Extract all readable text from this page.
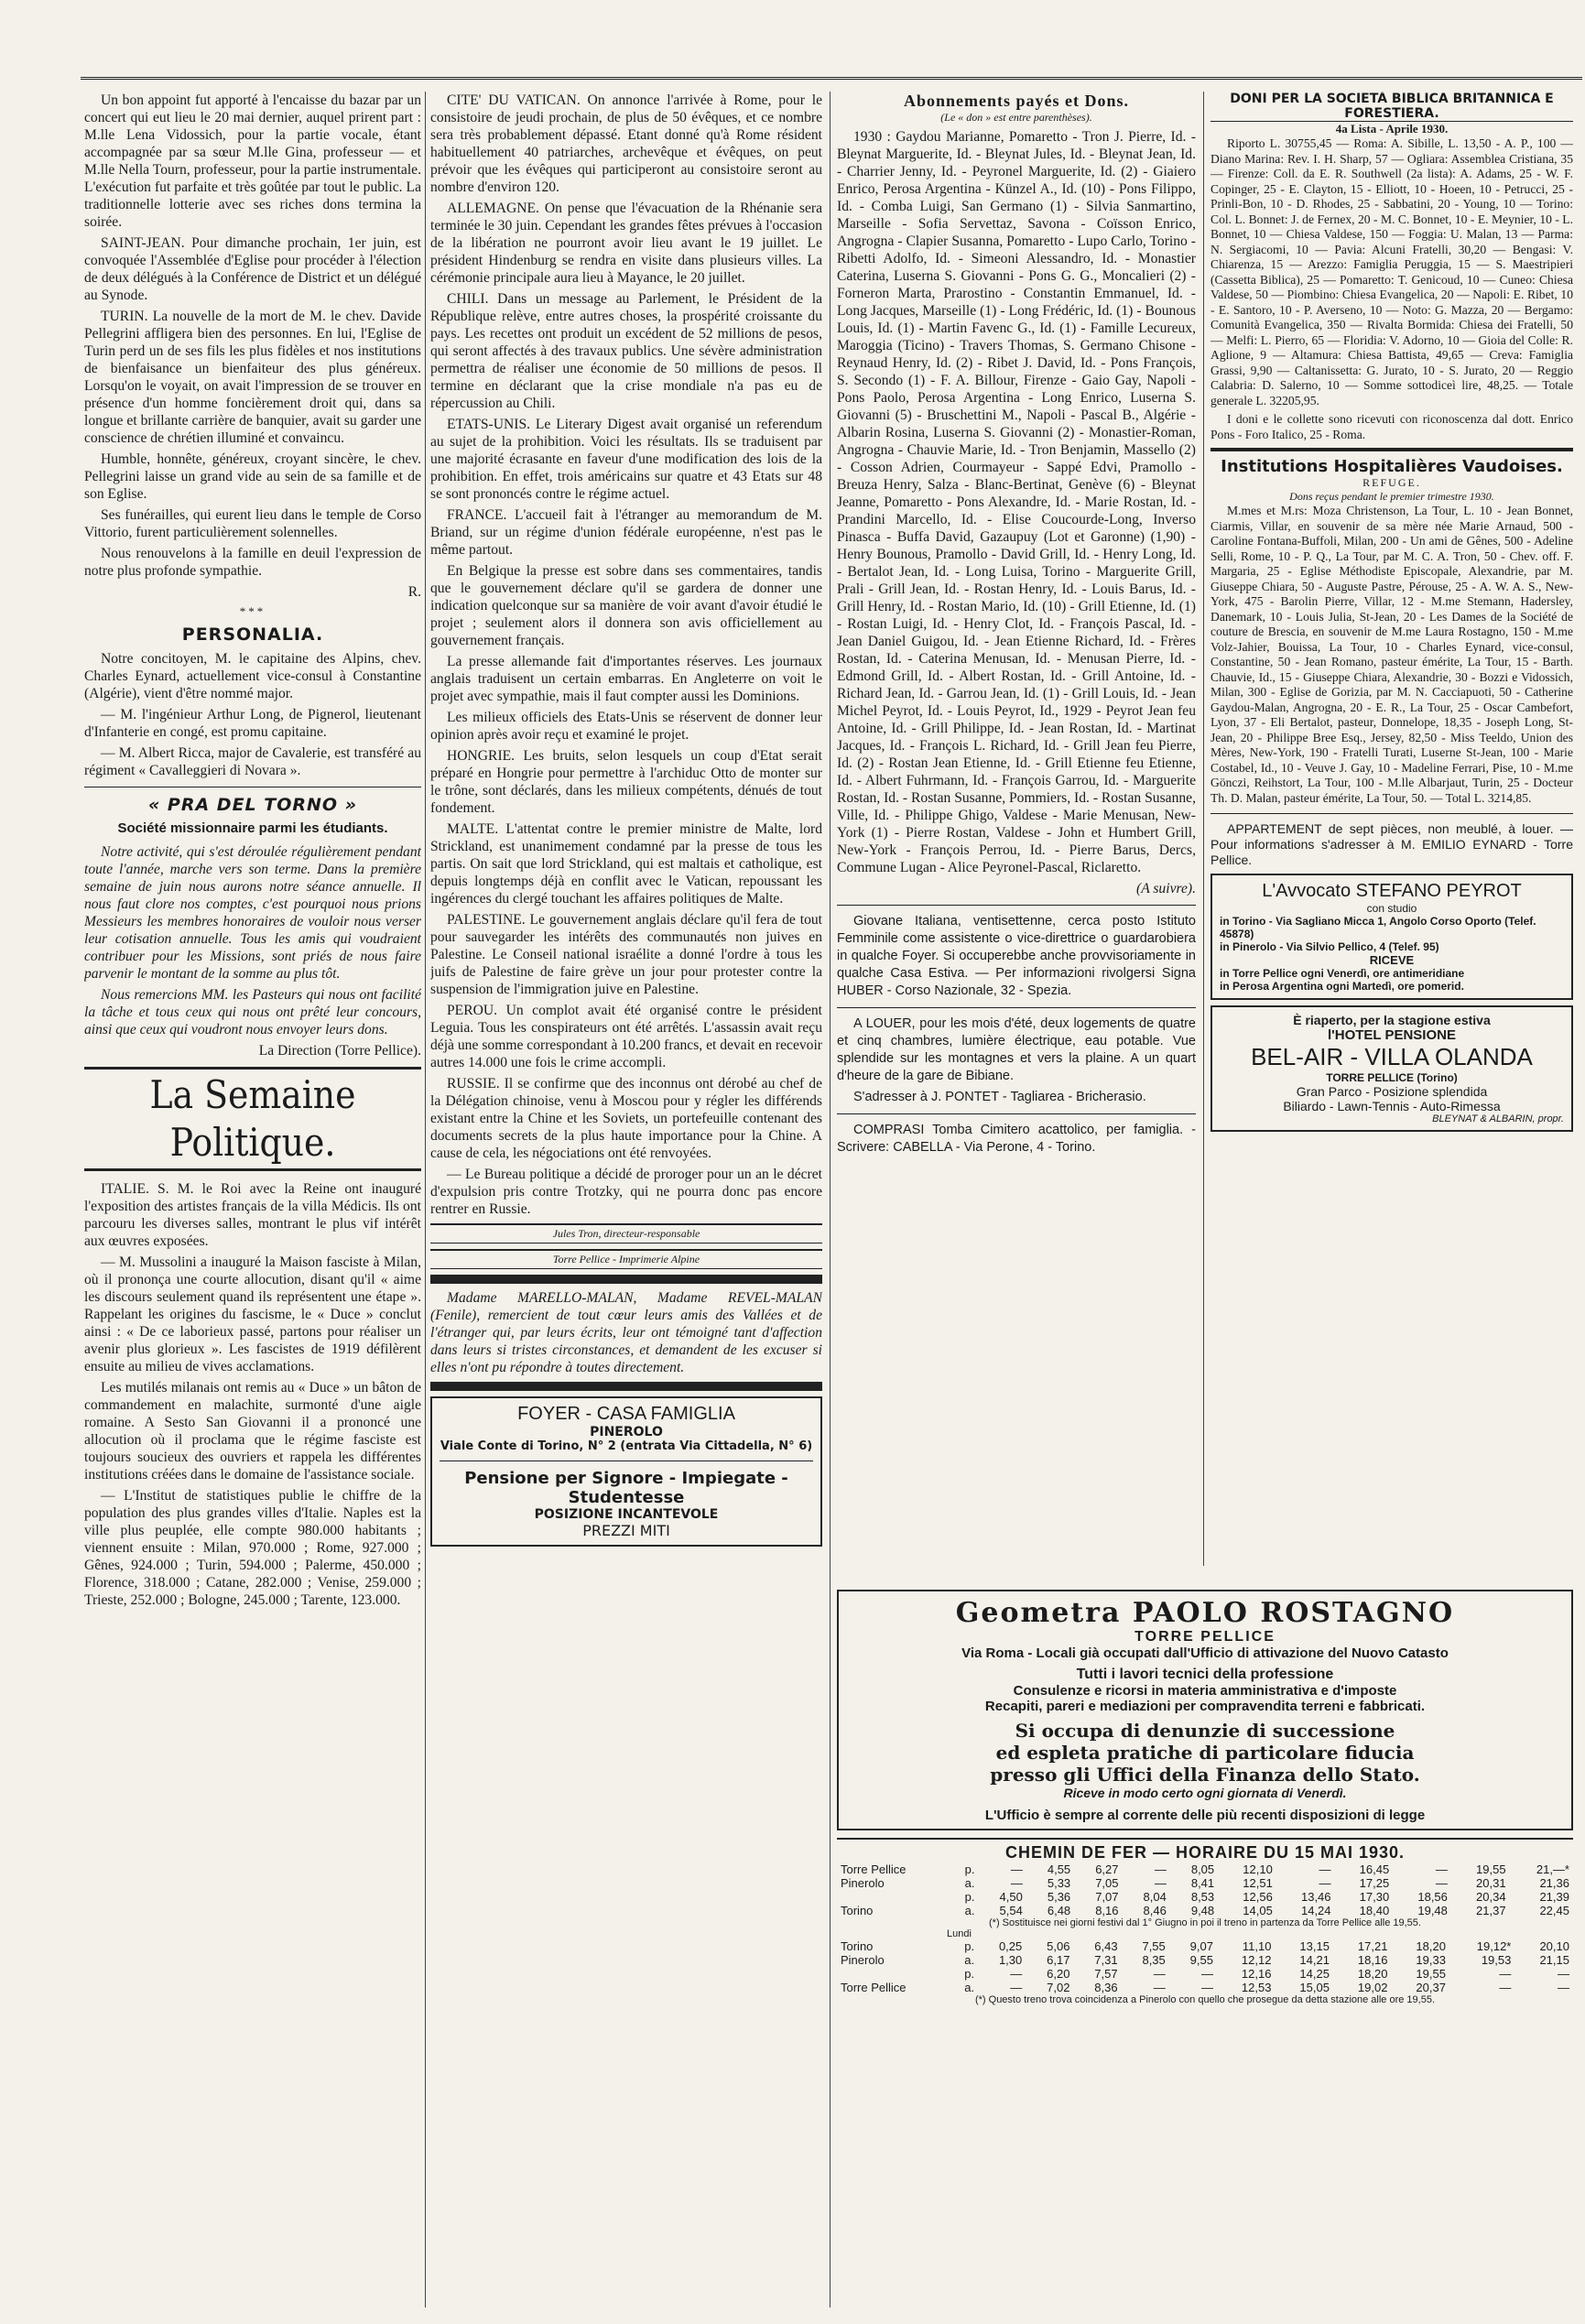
Un bon appoint fut apporté à l'encaisse du bazar par un concert qui eut lieu le 20 mai dernier, auquel prirent part : M.lle Lena Vidossich, pour la partie vocale, étant accompagnée par sa sœur M.lle Gina, professeur — et M.lle Nella Tourn, professeur, pour la partie instrumentale. L'exécution fut parfaite et très goûtée par tout le public. La traditionnelle lotterie avec ses riches dons termina la soirée.

SAINT-JEAN. Pour dimanche prochain, 1er juin, est convoquée l'Assemblée d'Eglise pour procéder à l'élection de deux délégués à la Conférence de District et un délégué au Synode.

TURIN. La nouvelle de la mort de M. le chev. Davide Pellegrini affligera bien des personnes. En lui, l'Eglise de Turin perd un de ses fils les plus fidèles et nos institutions de bienfaisance un bienfaiteur des plus généreux. Lorsqu'on le voyait, on avait l'impression de se trouver en présence d'un homme foncièrement droit qui, dans sa longue et brillante carrière de banquier, avait su garder une conscience de chrétien illuminé et convaincu.

Humble, honnête, généreux, croyant sincère, le chev. Pellegrini laisse un grand vide au sein de sa famille et de son Eglise.

Ses funérailles, qui eurent lieu dans le temple de Corso Vittorio, furent particulièrement solennelles.

Nous renouvelons à la famille en deuil l'expression de notre plus profonde sympathie.

R.

***
PERSONALIA.

Notre concitoyen, M. le capitaine des Alpins, chev. Charles Eynard, actuellement vice-consul à Constantine (Algérie), vient d'être nommé major.

— M. l'ingénieur Arthur Long, de Pignerol, lieutenant d'Infanterie en congé, est promu capitaine.

— M. Albert Ricca, major de Cavalerie, est transféré au régiment « Cavalleggieri di Novara ».

« PRA DEL TORNO »
Société missionnaire parmi les étudiants.

Notre activité, qui s'est déroulée régulièrement pendant toute l'année, marche vers son terme. Dans la première semaine de juin nous aurons notre séance annuelle. Il nous faut clore nos comptes, c'est pourquoi nous prions Messieurs les membres honoraires de vouloir nous verser leur cotisation annuelle. Tous les amis qui voudraient contribuer pour les Missions, sont priés de nous faire parvenir le montant de la somme au plus tôt.

Nous remercions MM. les Pasteurs qui nous ont facilité la tâche et tous ceux qui nous ont prêté leur concours, ainsi que ceux qui voudront nous envoyer leurs dons.

La Direction (Torre Pellice).

La Semaine Politique.

ITALIE. S. M. le Roi avec la Reine ont inauguré l'exposition des artistes français de la villa Médicis. Ils ont parcouru les diverses salles, montrant le plus vif intérêt aux œuvres exposées.

— M. Mussolini a inauguré la Maison fasciste à Milan, où il prononça une courte allocution, disant qu'il « aime les discours seulement quand ils représentent une étape ». Rappelant les origines du fascisme, le « Duce » conclut ainsi : « De ce laborieux passé, partons pour réaliser un avenir plus glorieux ». Les fascistes de 1919 défilèrent ensuite au milieu de vives acclamations.

Les mutilés milanais ont remis au « Duce » un bâton de commandement en malachite, surmonté d'une aigle romaine. A Sesto San Giovanni il a prononcé une allocution où il proclama que le régime fasciste est toujours soucieux des ouvriers et rappela les différentes institutions créées dans le domaine de l'assistance sociale.

— L'Institut de statistiques publie le chiffre de la population des plus grandes villes d'Italie. Naples est la ville plus peuplée, elle compte 980.000 habitants ; viennent ensuite : Milan, 970.000 ; Rome, 927.000 ; Gênes, 924.000 ; Turin, 594.000 ; Palerme, 450.000 ; Florence, 318.000 ; Catane, 282.000 ; Venise, 259.000 ; Trieste, 252.000 ; Bologne, 245.000 ; Tarente, 123.000.

CITE' DU VATICAN. On annonce l'arrivée à Rome, pour le consistoire de jeudi prochain, de plus de 50 évêques, et ce nombre sera très probablement dépassé. Etant donné qu'à Rome résident habituellement 40 patriarches, archevêque et évêques, on peut prévoir que les évêques qui participeront au consistoire seront au nombre d'environ 120.

ALLEMAGNE. On pense que l'évacuation de la Rhénanie sera terminée le 30 juin. Cependant les grandes fêtes prévues à l'occasion de la libération ne pourront avoir lieu avant le 19 juillet. Le président Hindenburg se rendra en visite dans plusieurs villes. La cérémonie principale aura lieu à Mayance, le 20 juillet.

CHILI. Dans un message au Parlement, le Président de la République relève, entre autres choses, la prospérité croissante du pays. Les recettes ont produit un excédent de 52 millions de pesos, qui seront affectés à des travaux publics. Une sévère administration permettra de réaliser une économie de 50 millions de pesos. Il termine en déclarant que la crise mondiale n'a pas eu de répercussion au Chili.

ETATS-UNIS. Le Literary Digest avait organisé un referendum au sujet de la prohibition. Voici les résultats. Ils se traduisent par une majorité écrasante en faveur d'une modification des lois de la prohibition. En effet, trois américains sur quatre et 43 Etats sur 48 se sont prononcés contre le régime actuel.

FRANCE. L'accueil fait à l'étranger au memorandum de M. Briand, sur un régime d'union fédérale européenne, n'est pas le même partout.

En Belgique la presse est sobre dans ses commentaires, tandis que le gouvernement déclare qu'il se gardera de donner une indication quelconque sur sa manière de voir avant d'avoir étudié le projet ; seulement alors il donnera son avis officiellement au gouvernement français.

La presse allemande fait d'importantes réserves. Les journaux anglais traduisent un certain embarras. En Angleterre on voit le projet avec sympathie, mais il faut compter aussi les Dominions.

Les milieux officiels des Etats-Unis se réservent de donner leur opinion après avoir reçu et examiné le projet.

HONGRIE. Les bruits, selon lesquels un coup d'Etat serait préparé en Hongrie pour permettre à l'archiduc Otto de monter sur le trône, sont déclarés, dans les milieux compétents, dénués de tout fondement.

MALTE. L'attentat contre le premier ministre de Malte, lord Strickland, est unanimement condamné par la presse de tous les partis. On sait que lord Strickland, qui est maltais et catholique, est depuis longtemps déjà en conflit avec le Vatican, repoussant les ingérences du clergé touchant les affaires politiques de Malte.

PALESTINE. Le gouvernement anglais déclare qu'il fera de tout pour sauvegarder les intérêts des communautés non juives en Palestine. Le Conseil national israélite a donné l'ordre à tous les juifs de Palestine de faire grève un jour pour protester contre la suspension de l'immigration juive en Palestine.

PEROU. Un complot avait été organisé contre le président Leguia. Tous les conspirateurs ont été arrêtés. L'assassin avait reçu déjà une somme correspondant à 10.200 francs, et devait en recevoir autres 14.000 une fois le crime accompli.

RUSSIE. Il se confirme que des inconnus ont dérobé au chef de la Délégation chinoise, venu à Moscou pour y régler les différends existant entre la Chine et les Soviets, un portefeuille contenant des documents secrets de la plus haute importance pour la Chine. A cause de cela, les négociations ont été renvoyées.

— Le Bureau politique a décidé de proroger pour un an le décret d'expulsion pris contre Trotzky, qui ne pourra donc pas encore rentrer en Russie.

Jules Tron, directeur-responsable
Torre Pellice - Imprimerie Alpine

Madame MARELLO-MALAN, Madame REVEL-MALAN (Fenile), remercient de tout cœur leurs amis des Vallées et de l'étranger qui, par leurs écrits, leur ont témoigné tant d'affection dans leurs si tristes circonstances, et demandent de les excuser si elles n'ont pu répondre à toutes directement.

FOYER - CASA FAMIGLIA
PINEROLO
Viale Conte di Torino, N° 2 (entrata Via Cittadella, N° 6)
Pensione per Signore - Impiegate - Studentesse
POSIZIONE INCANTEVOLE
PREZZI MITI
Abonnements payés et Dons.
(Le « don » est entre parenthèses).

1930 : Gaydou Marianne, Pomaretto - Tron J. Pierre, Id. - Bleynat Marguerite, Id. - Bleynat Jules, Id. - Bleynat Jean, Id. - Charrier Jenny, Id. - Peyronel Marguerite, Id. (2) - Giaiero Enrico, Perosa Argentina - Künzel A., Id. (10) - Pons Filippo, Id. - Comba Luigi, San Germano (1) - Silvia Sanmartino, Marseille - Sofia Servettaz, Savona - Coïsson Enrico, Angrogna - Clapier Susanna, Pomaretto - Lupo Carlo, Torino - Ribetti Adolfo, Id. - Simeoni Alessandro, Id. - Monastier Caterina, Luserna S. Giovanni - Pons G. G., Moncalieri (2) - Forneron Marta, Prarostino - Constantin Emmanuel, Id. - Long Jacques, Marseille (1) - Long Frédéric, Id. (1) - Bounous Louis, Id. (1) - Martin Favenc G., Id. (1) - Famille Lecureux, Maroggia (Ticino) - Travers Thomas, S. Germano Chisone - Reynaud Henry, Id. (2) - Ribet J. David, Id. - Pons François, S. Secondo (1) - F. A. Billour, Firenze - Gaio Gay, Napoli - Pons Paolo, Perosa Argentina - Long Enrico, Luserna S. Giovanni (5) - Bruschettini M., Napoli - Pascal B., Algérie - Albarin Rosina, Luserna S. Giovanni (2) - Monastier-Roman, Angrogna - Chauvie Marie, Id. - Tron Benjamin, Massello (2) - Cosson Adrien, Courmayeur - Sappé Edvi, Pramollo - Breuza Henry, Salza - Blanc-Bertinat, Genève (6) - Bleynat Jeanne, Pomaretto - Pons Alexandre, Id. - Marie Rostan, Id. - Prandini Marcello, Id. - Elise Coucourde-Long, Inverso Pinasca - Buffa David, Gazaupuy (Lot et Garonne) (1,90) - Henry Bounous, Pramollo - David Grill, Id. - Henry Long, Id. - Bertalot Jean, Id. - Long Luisa, Torino - Marguerite Grill, Prali - Grill Jean, Id. - Rostan Henry, Id. - Louis Barus, Id. - Grill Henry, Id. - Rostan Mario, Id. (10) - Grill Etienne, Id. (1) - Rostan Luigi, Id. - Henry Clot, Id. - François Pascal, Id. - Jean Daniel Guigou, Id. - Jean Etienne Richard, Id. - Frères Rostan, Id. - Caterina Menusan, Id. - Menusan Pierre, Id. - Edmond Grill, Id. - Albert Rostan, Id. - Grill Antoine, Id. - Richard Jean, Id. - Garrou Jean, Id. (1) - Grill Louis, Id. - Jean Michel Peyrot, Id. - Louis Peyrot, Id., 1929 - Peyrot Jean feu Antoine, Id. - Grill Philippe, Id. - Jean Rostan, Id. - Martinat Jacques, Id. - François L. Richard, Id. - Grill Jean feu Pierre, Id. (2) - Rostan Jean Etienne, Id. - Grill Etienne feu Etienne, Id. - Albert Fuhrmann, Id. - François Garrou, Id. - Marguerite Rostan, Id. - Rostan Susanne, Pommiers, Id. - Rostan Susanne, Ville, Id. - Philippe Ghigo, Valdese - Marie Menusan, New-York (1) - Pierre Rostan, Valdese - John et Humbert Grill, New-York - François Perrou, Id. - Pierre Barus, Dercs, Commune Lugan - Alice Peyronel-Pascal, Riclaretto.

(A suivre).

Giovane Italiana, ventisettenne, cerca posto Istituto Femminile come assistente o vice-direttrice o guardarobiera in qualche Foyer. Si occuperebbe anche provvisoriamente in qualche Casa Estiva. — Per informazioni rivolgersi Signa HUBER - Corso Nazionale, 32 - Spezia.

A LOUER, pour les mois d'été, deux logements de quatre et cinq chambres, lumière électrique, eau potable. Vue splendide sur les montagnes et vers la plaine. A un quart d'heure de la gare de Bibiane.

S'adresser à J. PONTET - Tagliarea - Bricherasio.

COMPRASI Tomba Cimitero acattolico, per famiglia. - Scrivere: CABELLA - Via Perone, 4 - Torino.

DONI PER LA SOCIETÀ BIBLICA BRITANNICA E FORESTIERA.
4a Lista - Aprile 1930.

Riporto L. 30755,45 — Roma: A. Sibille, L. 13,50 - A. P., 100 — Diano Marina: Rev. I. H. Sharp, 57 — Ogliara: Assemblea Cristiana, 35 — Firenze: Coll. da E. R. Southwell (2a lista): A. Adams, 25 - W. F. Copinger, 25 - E. Clayton, 15 - Elliott, 10 - Hoeen, 10 - Petrucci, 25 - Prinli-Bon, 10 - D. Rhodes, 25 - Sabbatini, 20 - Young, 10 — Torino: Col. L. Bonnet: J. de Fernex, 20 - M. C. Bonnet, 10 - E. Meynier, 10 - L. Bonnet, 10 — Chiesa Valdese, 150 — Foggia: U. Malan, 13 — Parma: N. Sergiacomi, 10 — Pavia: Alcuni Fratelli, 30,20 — Bengasi: V. Chiarenza, 15 — Arezzo: Famiglia Peruggia, 15 — S. Maestripieri (Cassetta Biblica), 25 — Pomaretto: T. Genicoud, 10 — Cuneo: Chiesa Valdese, 50 — Piombino: Chiesa Evangelica, 20 — Napoli: E. Ribet, 10 - E. Santoro, 10 - P. Averseno, 10 — Noto: G. Mazza, 20 — Bergamo: Comunità Evangelica, 350 — Rivalta Bormida: Chiesa dei Fratelli, 50 — Melfi: L. Pierro, 65 — Floridia: V. Adorno, 10 — Gioia del Colle: R. Aglione, 9 — Altamura: Chiesa Battista, 49,65 — Creva: Famiglia Grassi, 9,90 — Caltanissetta: G. Jurato, 10 - S. Jurato, 20 — Reggio Calabria: D. Salerno, 10 — Somme sottodiceì lire, 48,25. — Totale generale L. 32205,95.

I doni e le collette sono ricevuti con riconoscenza dal dott. Enrico Pons - Foro Italico, 25 - Roma.

Institutions Hospitalières Vaudoises.
REFUGE.
Dons reçus pendant le premier trimestre 1930.

M.mes et M.rs: Moza Christenson, La Tour, L. 10 - Jean Bonnet, Ciarmis, Villar, en souvenir de sa mère née Marie Arnaud, 500 - Caroline Fontana-Buffoli, Milan, 200 - Un ami de Gênes, 500 - Adeline Selli, Rome, 10 - P. Q., La Tour, par M. C. A. Tron, 50 - Chev. off. F. Margaria, 25 - Eglise Méthodiste Episcopale, Alexandrie, par M. Giuseppe Chiara, 50 - Auguste Pastre, Pérouse, 25 - A. W. A. S., New-York, 475 - Barolin Pierre, Villar, 12 - M.me Stemann, Hadersley, Danemark, 10 - Louis Julia, St-Jean, 20 - Les Dames de la Société de couture de Brescia, en souvenir de M.me Laura Rostagno, 150 - M.me Volz-Jahier, Bouissa, La Tour, 10 - Charles Eynard, vice-consul, Constantine, 50 - Jean Romano, pasteur émérite, La Tour, 15 - Barth. Chauvie, Id., 15 - Giuseppe Chiara, Alexandrie, 30 - Bozzi e Vidossich, Milan, 300 - Eglise de Gorizia, par M. N. Cacciapuoti, 50 - Catherine Gaydou-Malan, Angrogna, 20 - E. R., La Tour, 25 - Oscar Cambefort, Lyon, 37 - Eli Bertalot, pasteur, Donnelope, 18,35 - Joseph Long, St-Jean, 20 - Philippe Bree Esq., Jersey, 82,50 - Miss Teeldo, Union des Mères, New-York, 190 - Fratelli Turati, Luserne St-Jean, 100 - Marie Costabel, Id., 10 - Veuve J. Gay, 10 - Madeline Ferrari, Pise, 10 - M.me Gönczi, Reihstort, La Tour, 100 - M.lle Albarjaut, Turin, 25 - Docteur Th. D. Malan, pasteur émérite, La Tour, 50. — Total L. 3214,85.

APPARTEMENT de sept pièces, non meublé, à louer. — Pour informations s'adresser à M. EMILIO EYNARD - Torre Pellice.

L'Avvocato STEFANO PEYROT
con studio
in Torino - Via Sagliano Micca 1, Angolo Corso Oporto (Telef. 45878)
in Pinerolo - Via Silvio Pellico, 4 (Telef. 95)
RICEVE
in Torre Pellice ogni Venerdì, ore antimeridiane
in Perosa Argentina ogni Martedì, ore pomerid.
È riaperto, per la stagione estiva
l'HOTEL PENSIONE
BEL-AIR - VILLA OLANDA
TORRE PELLICE (Torino)
Gran Parco - Posizione splendida
Biliardo - Lawn-Tennis - Auto-Rimessa
BLEYNAT & ALBARIN, propr.
Geometra PAOLO ROSTAGNO
TORRE PELLICE
Via Roma - Locali già occupati dall'Ufficio di attivazione del Nuovo Catasto
Tutti i lavori tecnici della professione
Consulenze e ricorsi in materia amministrativa e d'imposte
Recapiti, pareri e mediazioni per compravendita terreni e fabbricati.
Si occupa di denunzie di successione
ed espleta pratiche di particolare fiducia
presso gli Uffici della Finanza dello Stato.
Riceve in modo certo ogni giornata di Venerdì.
L'Ufficio è sempre al corrente delle più recenti disposizioni di legge
CHEMIN DE FER — HORAIRE DU 15 MAI 1930.
Torre Pellice	p.	—	4,55	6,27	—	8,05	12,10	—	16,45	—	19,55	21,—*
Pinerolo	a.	—	5,33	7,05	—	8,41	12,51	—	17,25	—	20,31	21,36
	p.	4,50	5,36	7,07	8,04	8,53	12,56	13,46	17,30	18,56	20,34	21,39
Torino	a.	5,54	6,48	8,16	8,46	9,48	14,05	14,24	18,40	19,48	21,37	22,45
(*) Sostituisce nei giorni festivi dal 1° Giugno in poi il treno in partenza da Torre Pellice alle 19,55.
Lundi
Torino	p.	0,25	5,06	6,43	7,55	9,07	11,10	13,15	17,21	18,20	19,12*	20,10
Pinerolo	a.	1,30	6,17	7,31	8,35	9,55	12,12	14,21	18,16	19,33	19,53	21,15
	p.	—	6,20	7,57	—	—	12,16	14,25	18,20	19,55	—	—
Torre Pellice	a.	—	7,02	8,36	—	—	12,53	15,05	19,02	20,37	—	—
(*) Questo treno trova coincidenza a Pinerolo con quello che prosegue da detta stazione alle ore 19,55.
